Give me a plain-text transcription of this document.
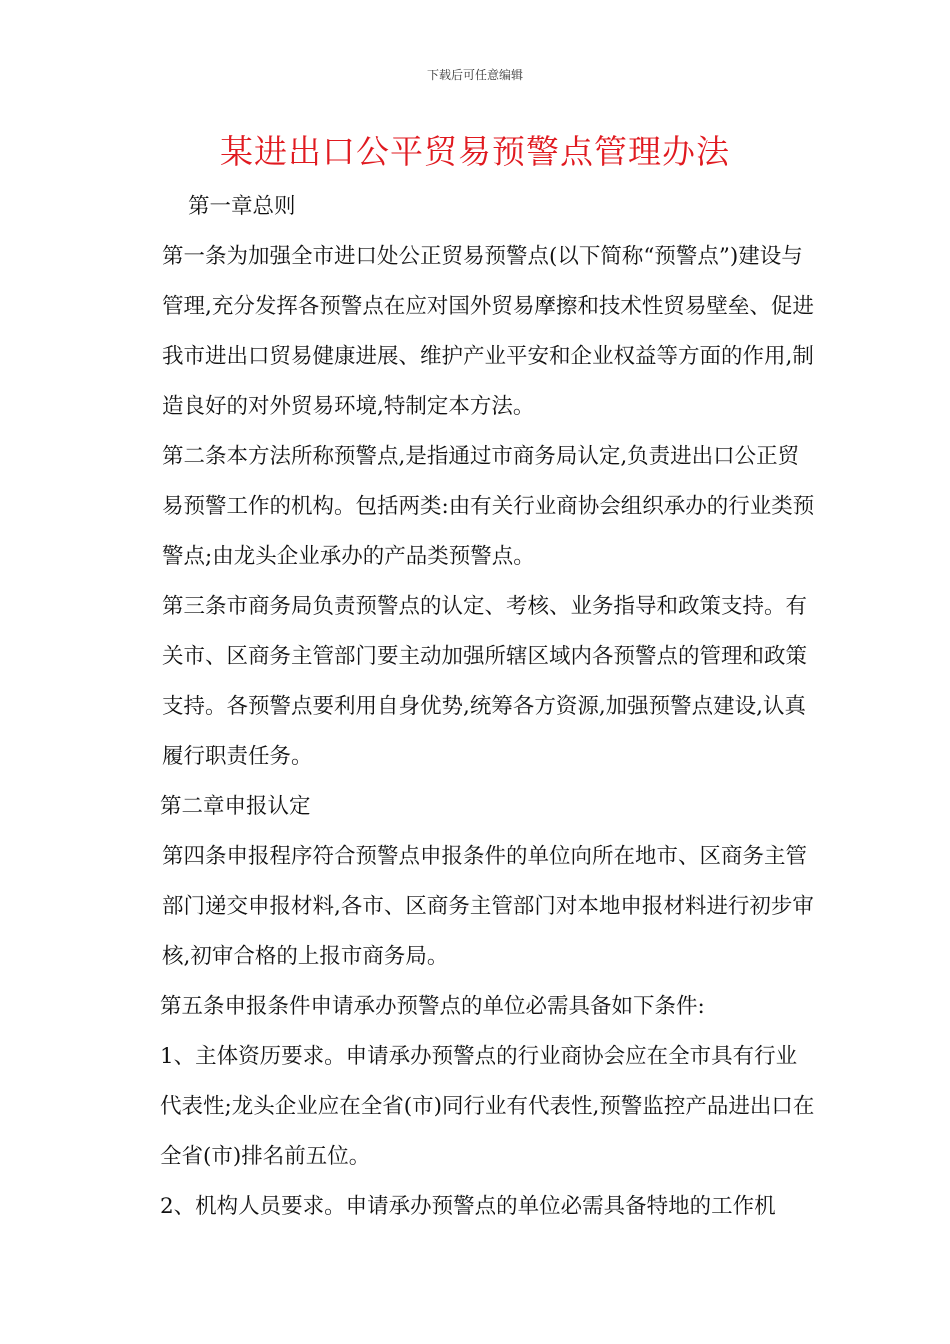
下载后可任意编辑
某进出口公平贸易预警点管理办法

第一章总则

第一条为加强全市进口处公正贸易预警点(以下简称“预警点”)建设与管理,充分发挥各预警点在应对国外贸易摩擦和技术性贸易壁垒、促进我市进出口贸易健康进展、维护产业平安和企业权益等方面的作用,制造良好的对外贸易环境,特制定本方法。

第二条本方法所称预警点,是指通过市商务局认定,负责进出口公正贸易预警工作的机构。包括两类:由有关行业商协会组织承办的行业类预警点;由龙头企业承办的产品类预警点。

第三条市商务局负责预警点的认定、考核、业务指导和政策支持。有关市、区商务主管部门要主动加强所辖区域内各预警点的管理和政策支持。各预警点要利用自身优势,统筹各方资源,加强预警点建设,认真履行职责任务。

第二章申报认定

第四条申报程序符合预警点申报条件的单位向所在地市、区商务主管部门递交申报材料,各市、区商务主管部门对本地申报材料进行初步审核,初审合格的上报市商务局。

第五条申报条件申请承办预警点的单位必需具备如下条件:

1、主体资历要求。申请承办预警点的行业商协会应在全市具有行业代表性;龙头企业应在全省(市)同行业有代表性,预警监控产品进出口在全省(市)排名前五位。

2、机构人员要求。申请承办预警点的单位必需具备特地的工作机
